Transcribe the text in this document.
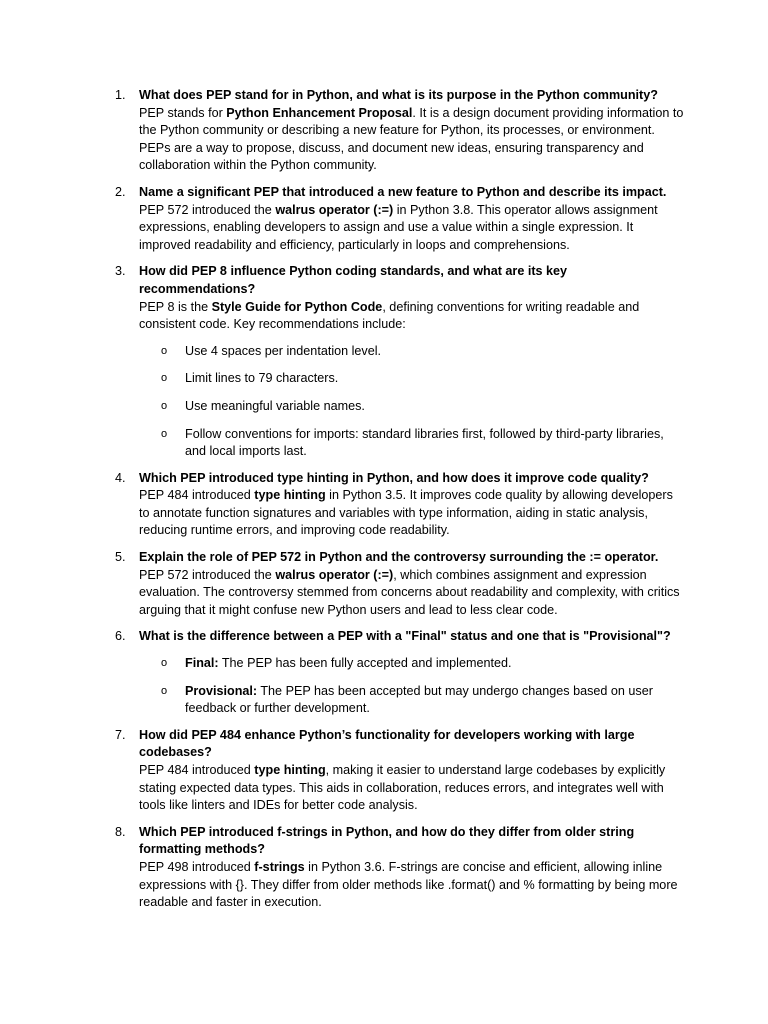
1. What does PEP stand for in Python, and what is its purpose in the Python community?
PEP stands for Python Enhancement Proposal. It is a design document providing information to the Python community or describing a new feature for Python, its processes, or environment. PEPs are a way to propose, discuss, and document new ideas, ensuring transparency and collaboration within the Python community.
2. Name a significant PEP that introduced a new feature to Python and describe its impact.
PEP 572 introduced the walrus operator (:=) in Python 3.8. This operator allows assignment expressions, enabling developers to assign and use a value within a single expression. It improved readability and efficiency, particularly in loops and comprehensions.
3. How did PEP 8 influence Python coding standards, and what are its key recommendations?
PEP 8 is the Style Guide for Python Code, defining conventions for writing readable and consistent code. Key recommendations include:
o Use 4 spaces per indentation level.
o Limit lines to 79 characters.
o Use meaningful variable names.
o Follow conventions for imports: standard libraries first, followed by third-party libraries, and local imports last.
4. Which PEP introduced type hinting in Python, and how does it improve code quality?
PEP 484 introduced type hinting in Python 3.5. It improves code quality by allowing developers to annotate function signatures and variables with type information, aiding in static analysis, reducing runtime errors, and improving code readability.
5. Explain the role of PEP 572 in Python and the controversy surrounding the := operator.
PEP 572 introduced the walrus operator (:=), which combines assignment and expression evaluation. The controversy stemmed from concerns about readability and complexity, with critics arguing that it might confuse new Python users and lead to less clear code.
6. What is the difference between a PEP with a "Final" status and one that is "Provisional"?
o Final: The PEP has been fully accepted and implemented.
o Provisional: The PEP has been accepted but may undergo changes based on user feedback or further development.
7. How did PEP 484 enhance Python’s functionality for developers working with large codebases?
PEP 484 introduced type hinting, making it easier to understand large codebases by explicitly stating expected data types. This aids in collaboration, reduces errors, and integrates well with tools like linters and IDEs for better code analysis.
8. Which PEP introduced f-strings in Python, and how do they differ from older string formatting methods?
PEP 498 introduced f-strings in Python 3.6. F-strings are concise and efficient, allowing inline expressions with {}. They differ from older methods like .format() and % formatting by being more readable and faster in execution.
